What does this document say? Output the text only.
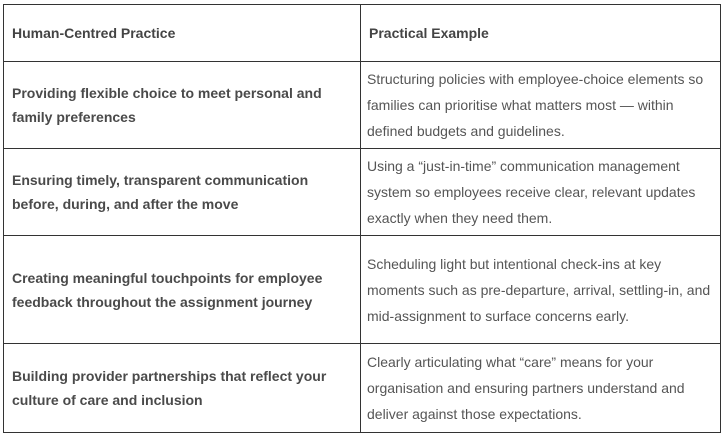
Human-Centred Practice	Practical Example
Providing flexible choice to meet personal and family preferences	Structuring policies with employee-choice elements so families can prioritise what matters most — within defined budgets and guidelines.
Ensuring timely, transparent communication before, during, and after the move	Using a “just-in-time” communication management system so employees receive clear, relevant updates exactly when they need them.
Creating meaningful touchpoints for employee feedback throughout the assignment journey	Scheduling light but intentional check-ins at key moments such as pre-departure, arrival, settling-in, and mid-assignment to surface concerns early.
Building provider partnerships that reflect your culture of care and inclusion	Clearly articulating what “care” means for your organisation and ensuring partners understand and deliver against those expectations.
